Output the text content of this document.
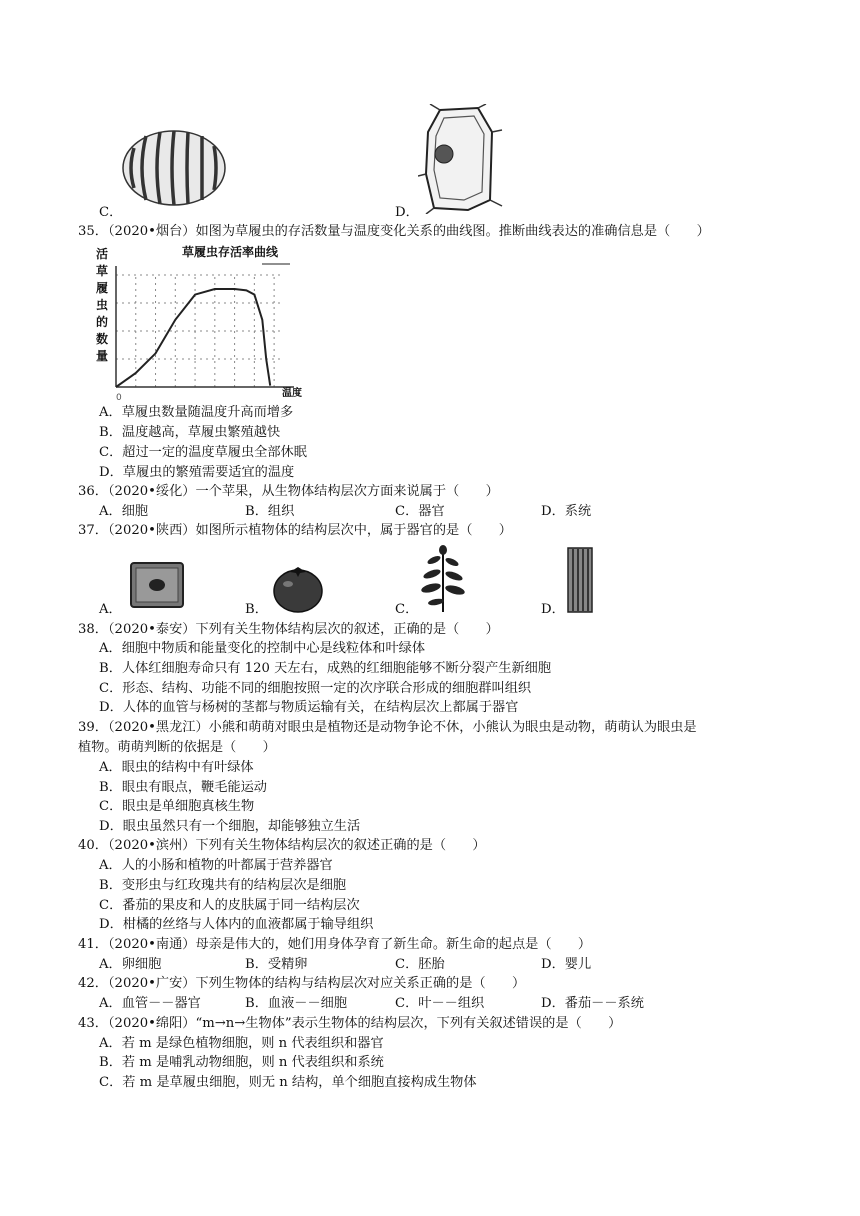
C．	D．
35．（2020•烟台）如图为草履虫的存活数量与温度变化关系的曲线图。推断曲线表达的准确信息是（　　）
草履虫存活率曲线
活
草
履
虫
的
数
量
0	温度
A．草履虫数量随温度升高而增多
B．温度越高，草履虫繁殖越快
C．超过一定的温度草履虫全部休眠
D．草履虫的繁殖需要适宜的温度
36．（2020•绥化）一个苹果，从生物体结构层次方面来说属于（　　）
A．细胞	B．组织	C．器官	D．系统
37．（2020•陕西）如图所示植物体的结构层次中，属于器官的是（　　）
A．	B．	C．	D．
38．（2020•泰安）下列有关生物体结构层次的叙述，正确的是（　　）
A．细胞中物质和能量变化的控制中心是线粒体和叶绿体
B．人体红细胞寿命只有 120 天左右，成熟的红细胞能够不断分裂产生新细胞
C．形态、结构、功能不同的细胞按照一定的次序联合形成的细胞群叫组织
D．人体的血管与杨树的茎都与物质运输有关，在结构层次上都属于器官
39．（2020•黑龙江）小熊和萌萌对眼虫是植物还是动物争论不休，小熊认为眼虫是动物，萌萌认为眼虫是
植物。萌萌判断的依据是（　　）
A．眼虫的结构中有叶绿体
B．眼虫有眼点，鞭毛能运动
C．眼虫是单细胞真核生物
D．眼虫虽然只有一个细胞，却能够独立生活
40．（2020•滨州）下列有关生物体结构层次的叙述正确的是（　　）
A．人的小肠和植物的叶都属于营养器官
B．变形虫与红玫瑰共有的结构层次是细胞
C．番茄的果皮和人的皮肤属于同一结构层次
D．柑橘的丝络与人体内的血液都属于输导组织
41．（2020•南通）母亲是伟大的，她们用身体孕育了新生命。新生命的起点是（　　）
A．卵细胞	B．受精卵	C．胚胎	D．婴儿
42．（2020•广安）下列生物体的结构与结构层次对应关系正确的是（　　）
A．血管－－器官	B．血液－－细胞	C．叶－－组织	D．番茄－－系统
43．（2020•绵阳）“m→n→生物体”表示生物体的结构层次，下列有关叙述错误的是（　　）
A．若 m 是绿色植物细胞，则 n 代表组织和器官
B．若 m 是哺乳动物细胞，则 n 代表组织和系统
C．若 m 是草履虫细胞，则无 n 结构，单个细胞直接构成生物体
